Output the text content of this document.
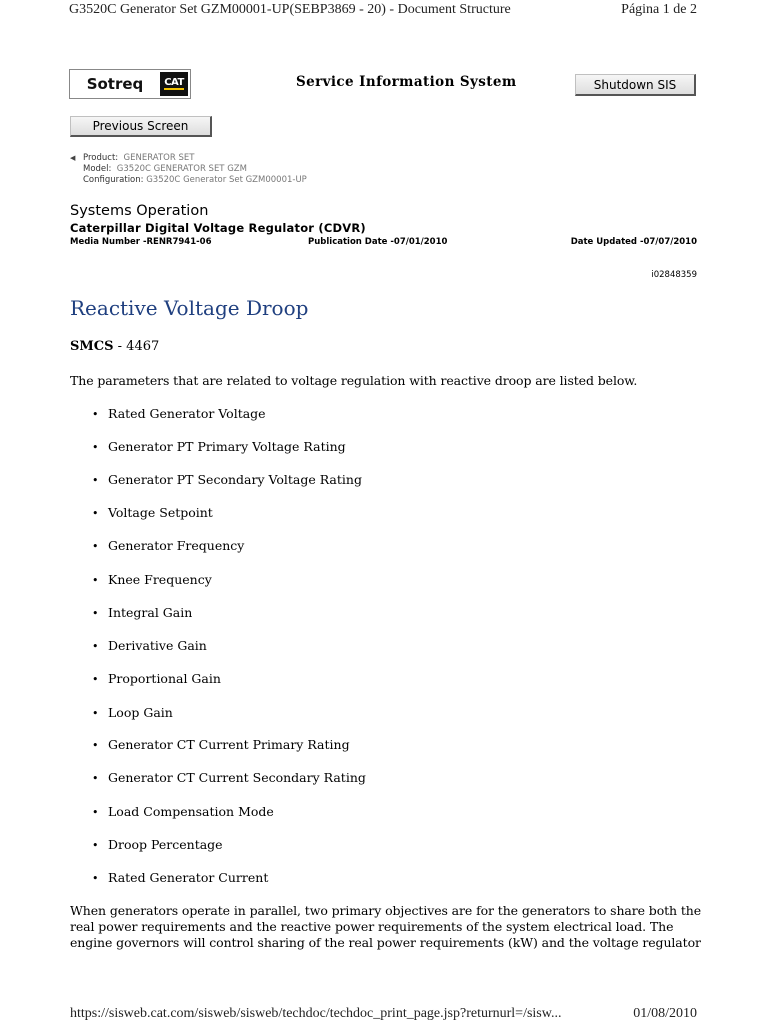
G3520C Generator Set GZM00001-UP(SEBP3869 - 20) - Document Structure	Página 1 de 2
Sotreq	CAT	Service Information System	Shutdown SIS
Previous Screen
◀ Product: GENERATOR SET
Model: G3520C GENERATOR SET GZM
Configuration: G3520C Generator Set GZM00001-UP
Systems Operation
Caterpillar Digital Voltage Regulator (CDVR)
Media Number -RENR7941-06	Publication Date -07/01/2010	Date Updated -07/07/2010
i02848359
Reactive Voltage Droop
SMCS - 4467
The parameters that are related to voltage regulation with reactive droop are listed below.
• Rated Generator Voltage
• Generator PT Primary Voltage Rating
• Generator PT Secondary Voltage Rating
• Voltage Setpoint
• Generator Frequency
• Knee Frequency
• Integral Gain
• Derivative Gain
• Proportional Gain
• Loop Gain
• Generator CT Current Primary Rating
• Generator CT Current Secondary Rating
• Load Compensation Mode
• Droop Percentage
• Rated Generator Current
When generators operate in parallel, two primary objectives are for the generators to share both the
real power requirements and the reactive power requirements of the system electrical load. The
engine governors will control sharing of the real power requirements (kW) and the voltage regulator
https://sisweb.cat.com/sisweb/sisweb/techdoc/techdoc_print_page.jsp?returnurl=/sisw...	01/08/2010
